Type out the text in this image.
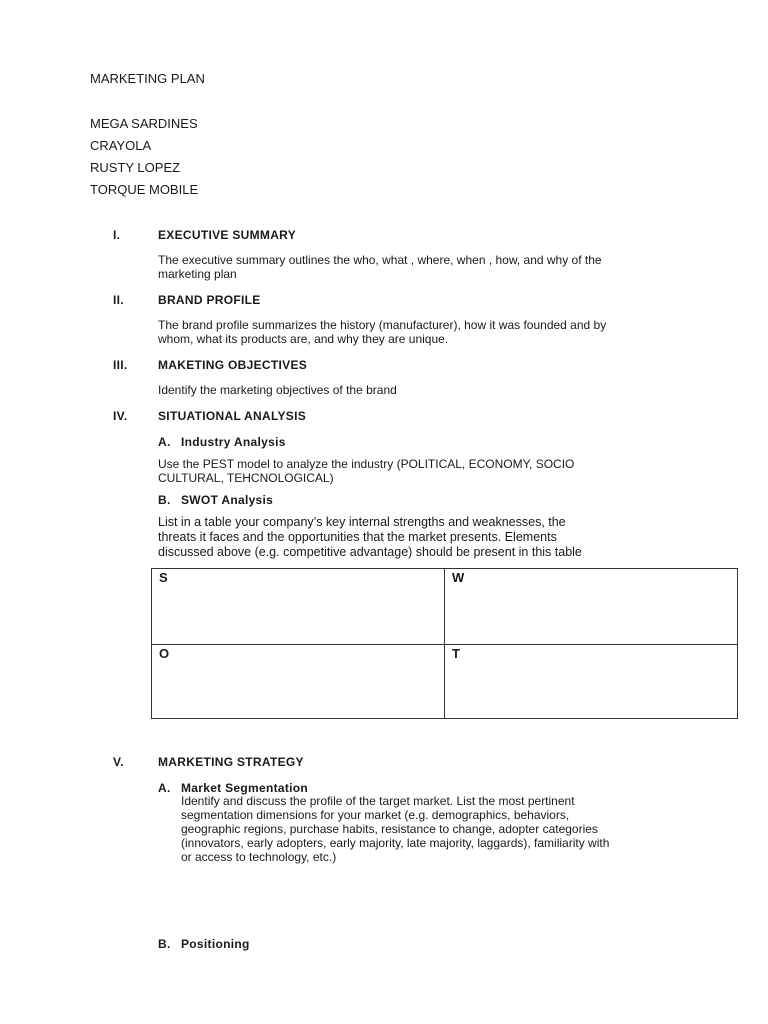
MARKETING PLAN
MEGA SARDINES
CRAYOLA
RUSTY LOPEZ
TORQUE MOBILE
I.	EXECUTIVE SUMMARY
The executive summary outlines the who, what , where, when , how, and why of the
marketing plan
II.	BRAND PROFILE
The brand profile summarizes the history (manufacturer), how it was founded and by
whom, what its products are, and why they are unique.
III.	MAKETING OBJECTIVES
Identify the marketing objectives of the brand
IV.	SITUATIONAL ANALYSIS
A. Industry Analysis
Use the PEST model to analyze the industry (POLITICAL, ECONOMY, SOCIO
CULTURAL, TEHCNOLOGICAL)
B. SWOT Analysis
List in a table your company’s key internal strengths and weaknesses, the
threats it faces and the opportunities that the market presents. Elements
discussed above (e.g. competitive advantage) should be present in this table
S	W
O	T
V.	MARKETING STRATEGY
A. Market Segmentation
Identify and discuss the profile of the target market. List the most pertinent
segmentation dimensions for your market (e.g. demographics, behaviors,
geographic regions, purchase habits, resistance to change, adopter categories
(innovators, early adopters, early majority, late majority, laggards), familiarity with
or access to technology, etc.)
B. Positioning
